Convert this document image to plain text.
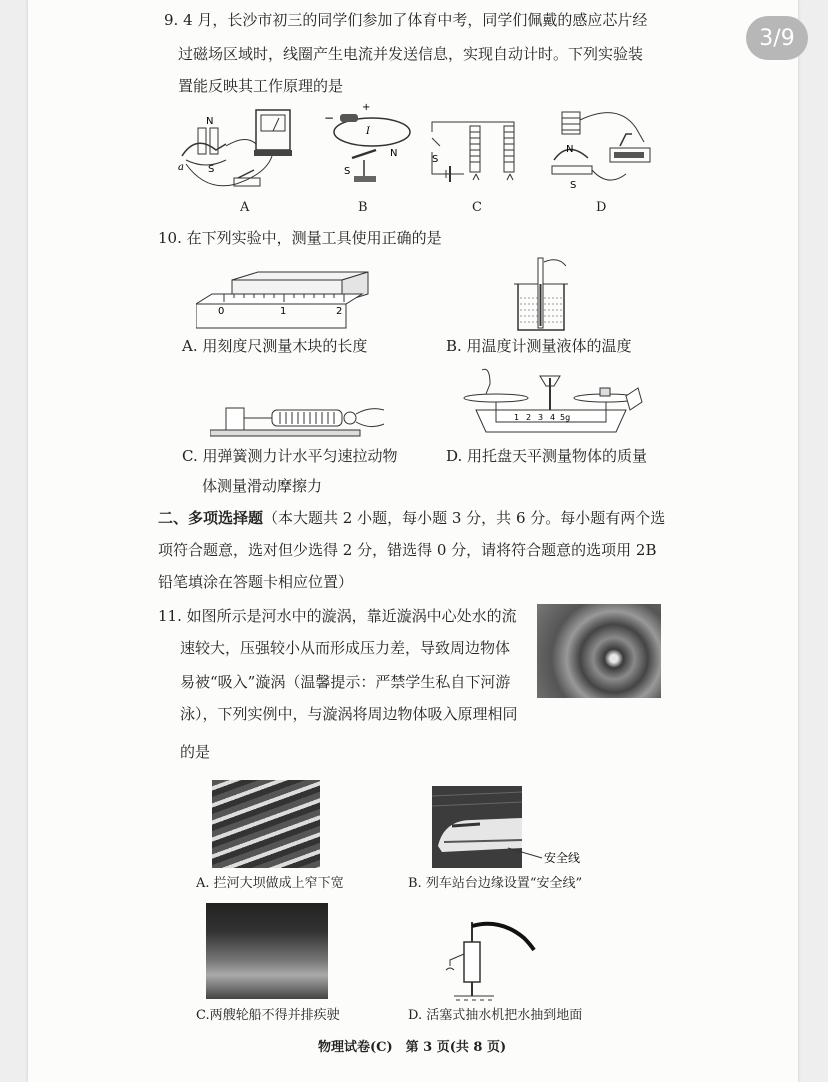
3/9
9. 4 月，长沙市初三的同学们参加了体育中考，同学们佩戴的感应芯片经
过磁场区域时，线圈产生电流并发送信息，实现自动计时。下列实验装
置能反映其工作原理的是
N
S
a
+
−
I
S
N
S
N
S
A	B	C	D
10. 在下列实验中，测量工具使用正确的是
0	1	2
A. 用刻度尺测量木块的长度	B. 用温度计测量液体的温度
C. 用弹簧测力计水平匀速拉动物
体测量滑动摩擦力
1 2 3 4 5g
D. 用托盘天平测量物体的质量
二、多项选择题（本大题共 2 小题，每小题 3 分，共 6 分。每小题有两个选
项符合题意，选对但少选得 2 分，错选得 0 分，请将符合题意的选项用 2B
铅笔填涂在答题卡相应位置）
11. 如图所示是河水中的漩涡，靠近漩涡中心处水的流
速较大，压强较小从而形成压力差，导致周边物体
易被“吸入”漩涡（温馨提示：严禁学生私自下河游
泳），下列实例中，与漩涡将周边物体吸入原理相同
的是
A. 拦河大坝做成上窄下宽
安全线
B. 列车站台边缘设置“安全线”
C.两艘轮船不得并排疾驶	D. 活塞式抽水机把水抽到地面
物理试卷(C)　第 3 页(共 8 页)
